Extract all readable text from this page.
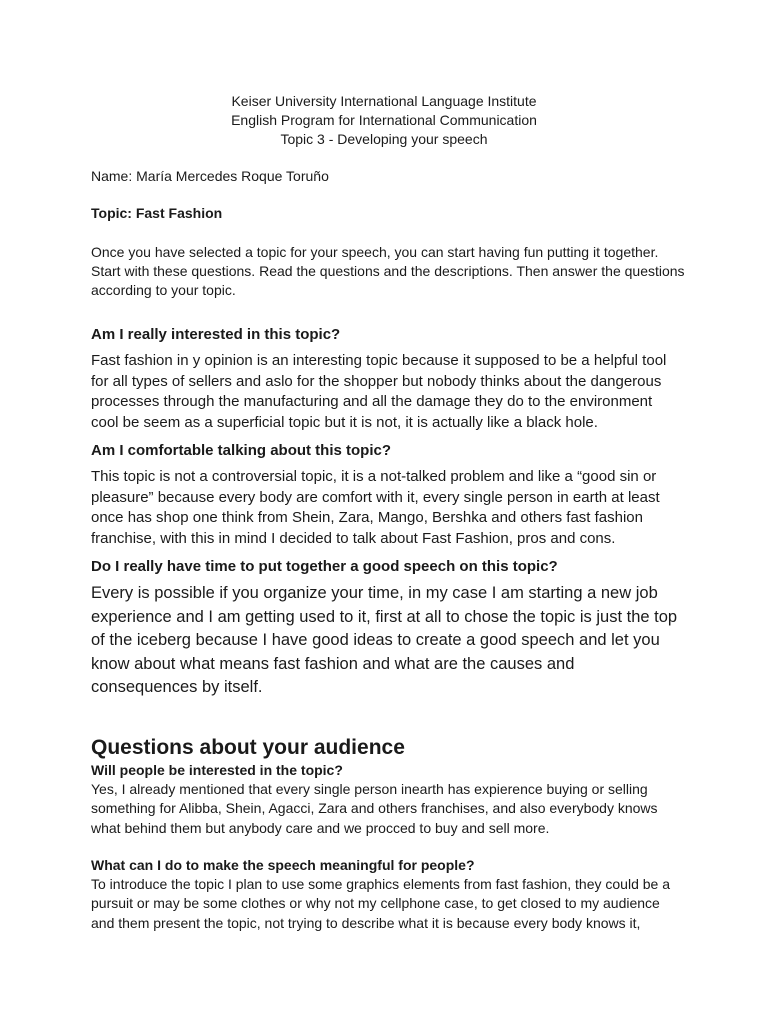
Keiser University International Language Institute
English Program for International Communication
Topic 3 - Developing your speech
Name: María Mercedes Roque Toruño
Topic: Fast Fashion
Once you have selected a topic for your speech, you can start having fun putting it together.
Start with these questions. Read the questions and the descriptions. Then answer the questions
according to your topic.
Am I really interested in this topic?
Fast fashion in y opinion is an interesting topic because it supposed to be a helpful tool
for all types of sellers and aslo for the shopper but nobody thinks about the dangerous
processes through the manufacturing and all the damage they do to the environment
cool be seem as a superficial topic but it is not, it is actually like a black hole.
Am I comfortable talking about this topic?
This topic is not a controversial topic, it is a not-talked problem and like a “good sin or
pleasure” because every body are comfort with it, every single person in earth at least
once has shop one think from Shein, Zara, Mango, Bershka and others fast fashion
franchise, with this in mind I decided to talk about Fast Fashion, pros and cons.
Do I really have time to put together a good speech on this topic?
Every is possible if you organize your time, in my case I am starting a new job
experience and I am getting used to it, first at all to chose the topic is just the top
of the iceberg because I have good ideas to create a good speech and let you
know about what means fast fashion and what are the causes and
consequences by itself.
Questions about your audience
Will people be interested in the topic?
Yes, I already mentioned that every single person inearth has expierence buying or selling
something for Alibba, Shein, Agacci, Zara and others franchises, and also everybody knows
what behind them but anybody care and we procced to buy and sell more.
What can I do to make the speech meaningful for people?
To introduce the topic I plan to use some graphics elements from fast fashion, they could be a
pursuit or may be some clothes or why not my cellphone case, to get closed to my audience
and them present the topic, not trying to describe what it is because every body knows it,
